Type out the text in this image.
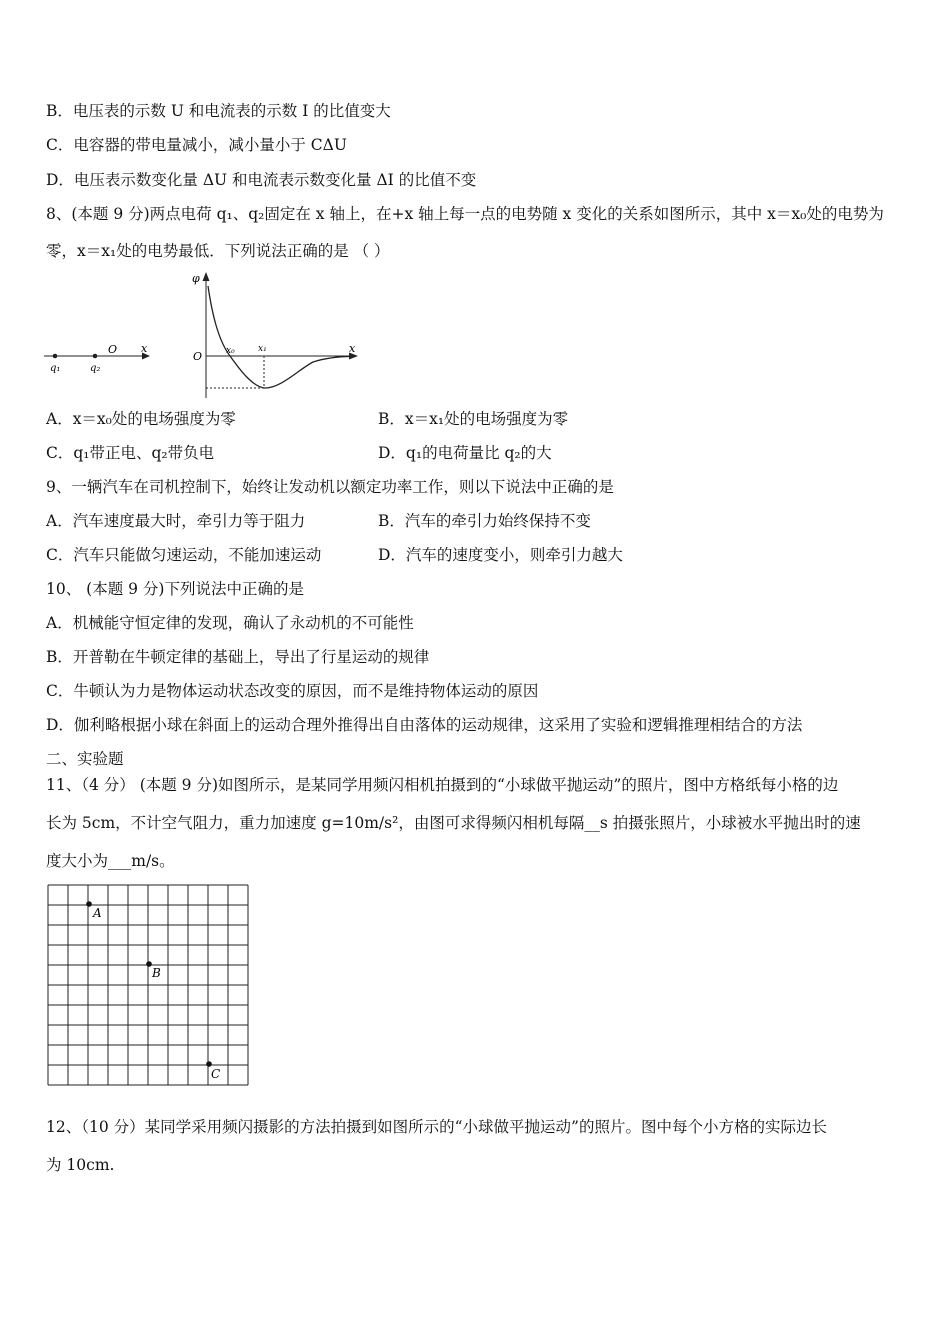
B．电压表的示数 U 和电流表的示数 I 的比值变大
C．电容器的带电量减小，减小量小于 CΔU
D．电压表示数变化量 ΔU 和电流表示数变化量 ΔI 的比值不变
8、(本题 9 分)两点电荷 q₁、q₂固定在 x 轴上，在+x 轴上每一点的电势随 x 变化的关系如图所示，其中 x＝x₀处的电势为
零，x＝x₁处的电势最低．下列说法正确的是 （ ）
O x
q₁	q₂
φ
O
x
x₀	x₁
A．x＝x₀处的电场强度为零	B．x＝x₁处的电场强度为零
C．q₁带正电、q₂带负电	D．q₁的电荷量比 q₂的大
9、一辆汽车在司机控制下，始终让发动机以额定功率工作，则以下说法中正确的是
A．汽车速度最大时，牵引力等于阻力	B．汽车的牵引力始终保持不变
C．汽车只能做匀速运动，不能加速运动	D．汽车的速度变小，则牵引力越大
10、 (本题 9 分)下列说法中正确的是
A．机械能守恒定律的发现，确认了永动机的不可能性
B．开普勒在牛顿定律的基础上，导出了行星运动的规律
C．牛顿认为力是物体运动状态改变的原因，而不是维持物体运动的原因
D．伽利略根据小球在斜面上的运动合理外推得出自由落体的运动规律，这采用了实验和逻辑推理相结合的方法
二、实验题
11、（4 分） (本题 9 分)如图所示，是某同学用频闪相机拍摄到的“小球做平抛运动”的照片，图中方格纸每小格的边
长为 5cm，不计空气阻力，重力加速度 g=10m/s²，由图可求得频闪相机每隔__s 拍摄张照片，小球被水平抛出时的速
度大小为___m/s。
A
B
C
12、（10 分）某同学采用频闪摄影的方法拍摄到如图所示的“小球做平抛运动”的照片。图中每个小方格的实际边长
为 10cm.
